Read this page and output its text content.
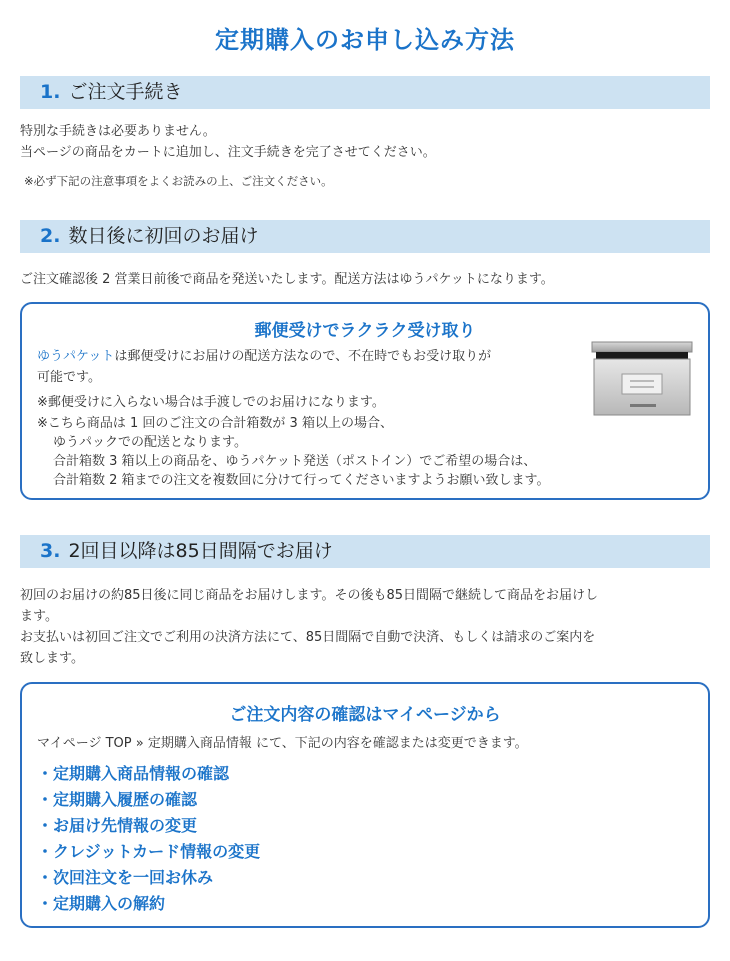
定期購入のお申し込み方法
1. ご注文手続き
特別な手続きは必要ありません。
当ページの商品をカートに追加し、注文手続きを完了させてください。
※必ず下記の注意事項をよくお読みの上、ご注文ください。
2. 数日後に初回のお届け
ご注文確認後 2 営業日前後で商品を発送いたします。配送方法はゆうパケットになります。
郵便受けでラクラク受け取り
ゆうパケットは郵便受けにお届けの配送方法なので、不在時でもお受け取りが
可能です。
※郵便受けに入らない場合は手渡しでのお届けになります。
※こちら商品は 1 回のご注文の合計箱数が 3 箱以上の場合、
ゆうパックでの配送となります。
合計箱数 3 箱以上の商品を、ゆうパケット発送（ポストイン）でご希望の場合は、
合計箱数 2 箱までの注文を複数回に分けて行ってくださいますようお願い致します。
3. 2回目以降は85日間隔でお届け
初回のお届けの約85日後に同じ商品をお届けします。その後も85日間隔で継続して商品をお届けし
ます。
お支払いは初回ご注文でご利用の決済方法にて、85日間隔で自動で決済、もしくは請求のご案内を
致します。
ご注文内容の確認はマイページから
マイページ TOP » 定期購入商品情報 にて、下記の内容を確認または変更できます。
・定期購入商品情報の確認
・定期購入履歴の確認
・お届け先情報の変更
・クレジットカード情報の変更
・次回注文を一回お休み
・定期購入の解約
